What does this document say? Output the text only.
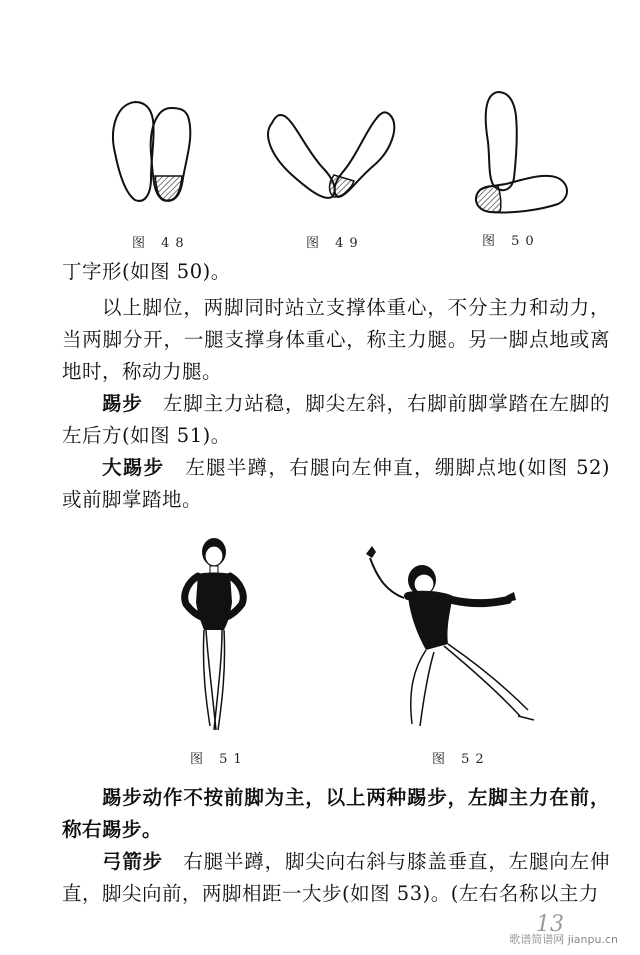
图 48	图 49	图 50

丁字形(如图 50)。

以上脚位，两脚同时站立支撑体重心，不分主力和动力，当两脚分开，一腿支撑身体重心，称主力腿。另一脚点地或离地时，称动力腿。

踢步　左脚主力站稳，脚尖左斜，右脚前脚掌踏在左脚的左后方(如图 51)。

大踢步　左腿半蹲，右腿向左伸直，绷脚点地(如图 52)或前脚掌踏地。

图 51	图 52

踢步动作不按前脚为主，以上两种踢步，左脚主力在前，称右踢步。

弓箭步　右腿半蹲，脚尖向右斜与膝盖垂直，左腿向左伸直，脚尖向前，两脚相距一大步(如图 53)。(左右名称以主力

13
歌谱简谱网 jianpu.cn
